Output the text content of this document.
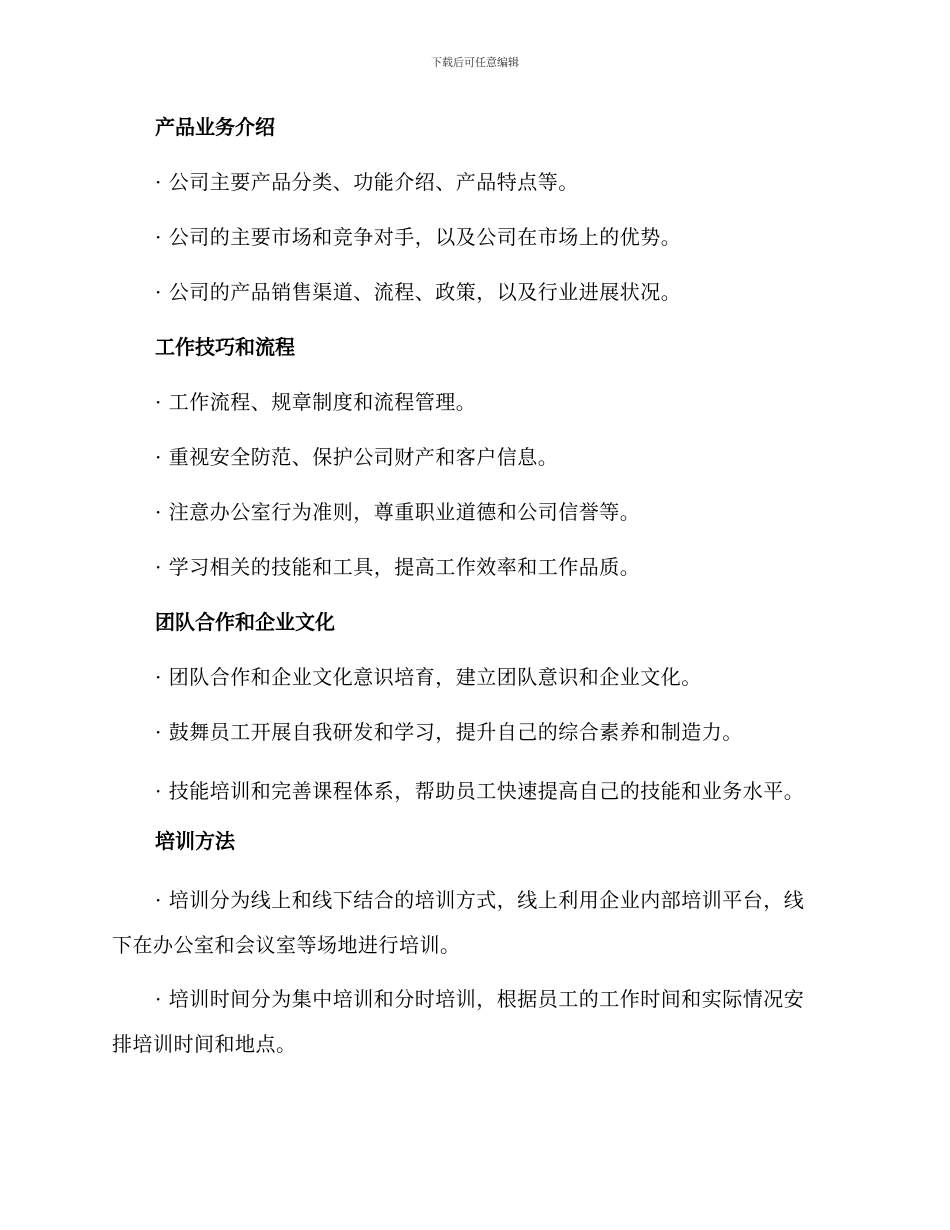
下载后可任意编辑
产品业务介绍
· 公司主要产品分类、功能介绍、产品特点等。
· 公司的主要市场和竞争对手，以及公司在市场上的优势。
· 公司的产品销售渠道、流程、政策，以及行业进展状况。
工作技巧和流程
· 工作流程、规章制度和流程管理。
· 重视安全防范、保护公司财产和客户信息。
· 注意办公室行为准则，尊重职业道德和公司信誉等。
· 学习相关的技能和工具，提高工作效率和工作品质。
团队合作和企业文化
· 团队合作和企业文化意识培育，建立团队意识和企业文化。
· 鼓舞员工开展自我研发和学习，提升自己的综合素养和制造力。
· 技能培训和完善课程体系，帮助员工快速提高自己的技能和业务水平。
培训方法
· 培训分为线上和线下结合的培训方式，线上利用企业内部培训平台，线下在办公室和会议室等场地进行培训。
· 培训时间分为集中培训和分时培训，根据员工的工作时间和实际情况安排培训时间和地点。
